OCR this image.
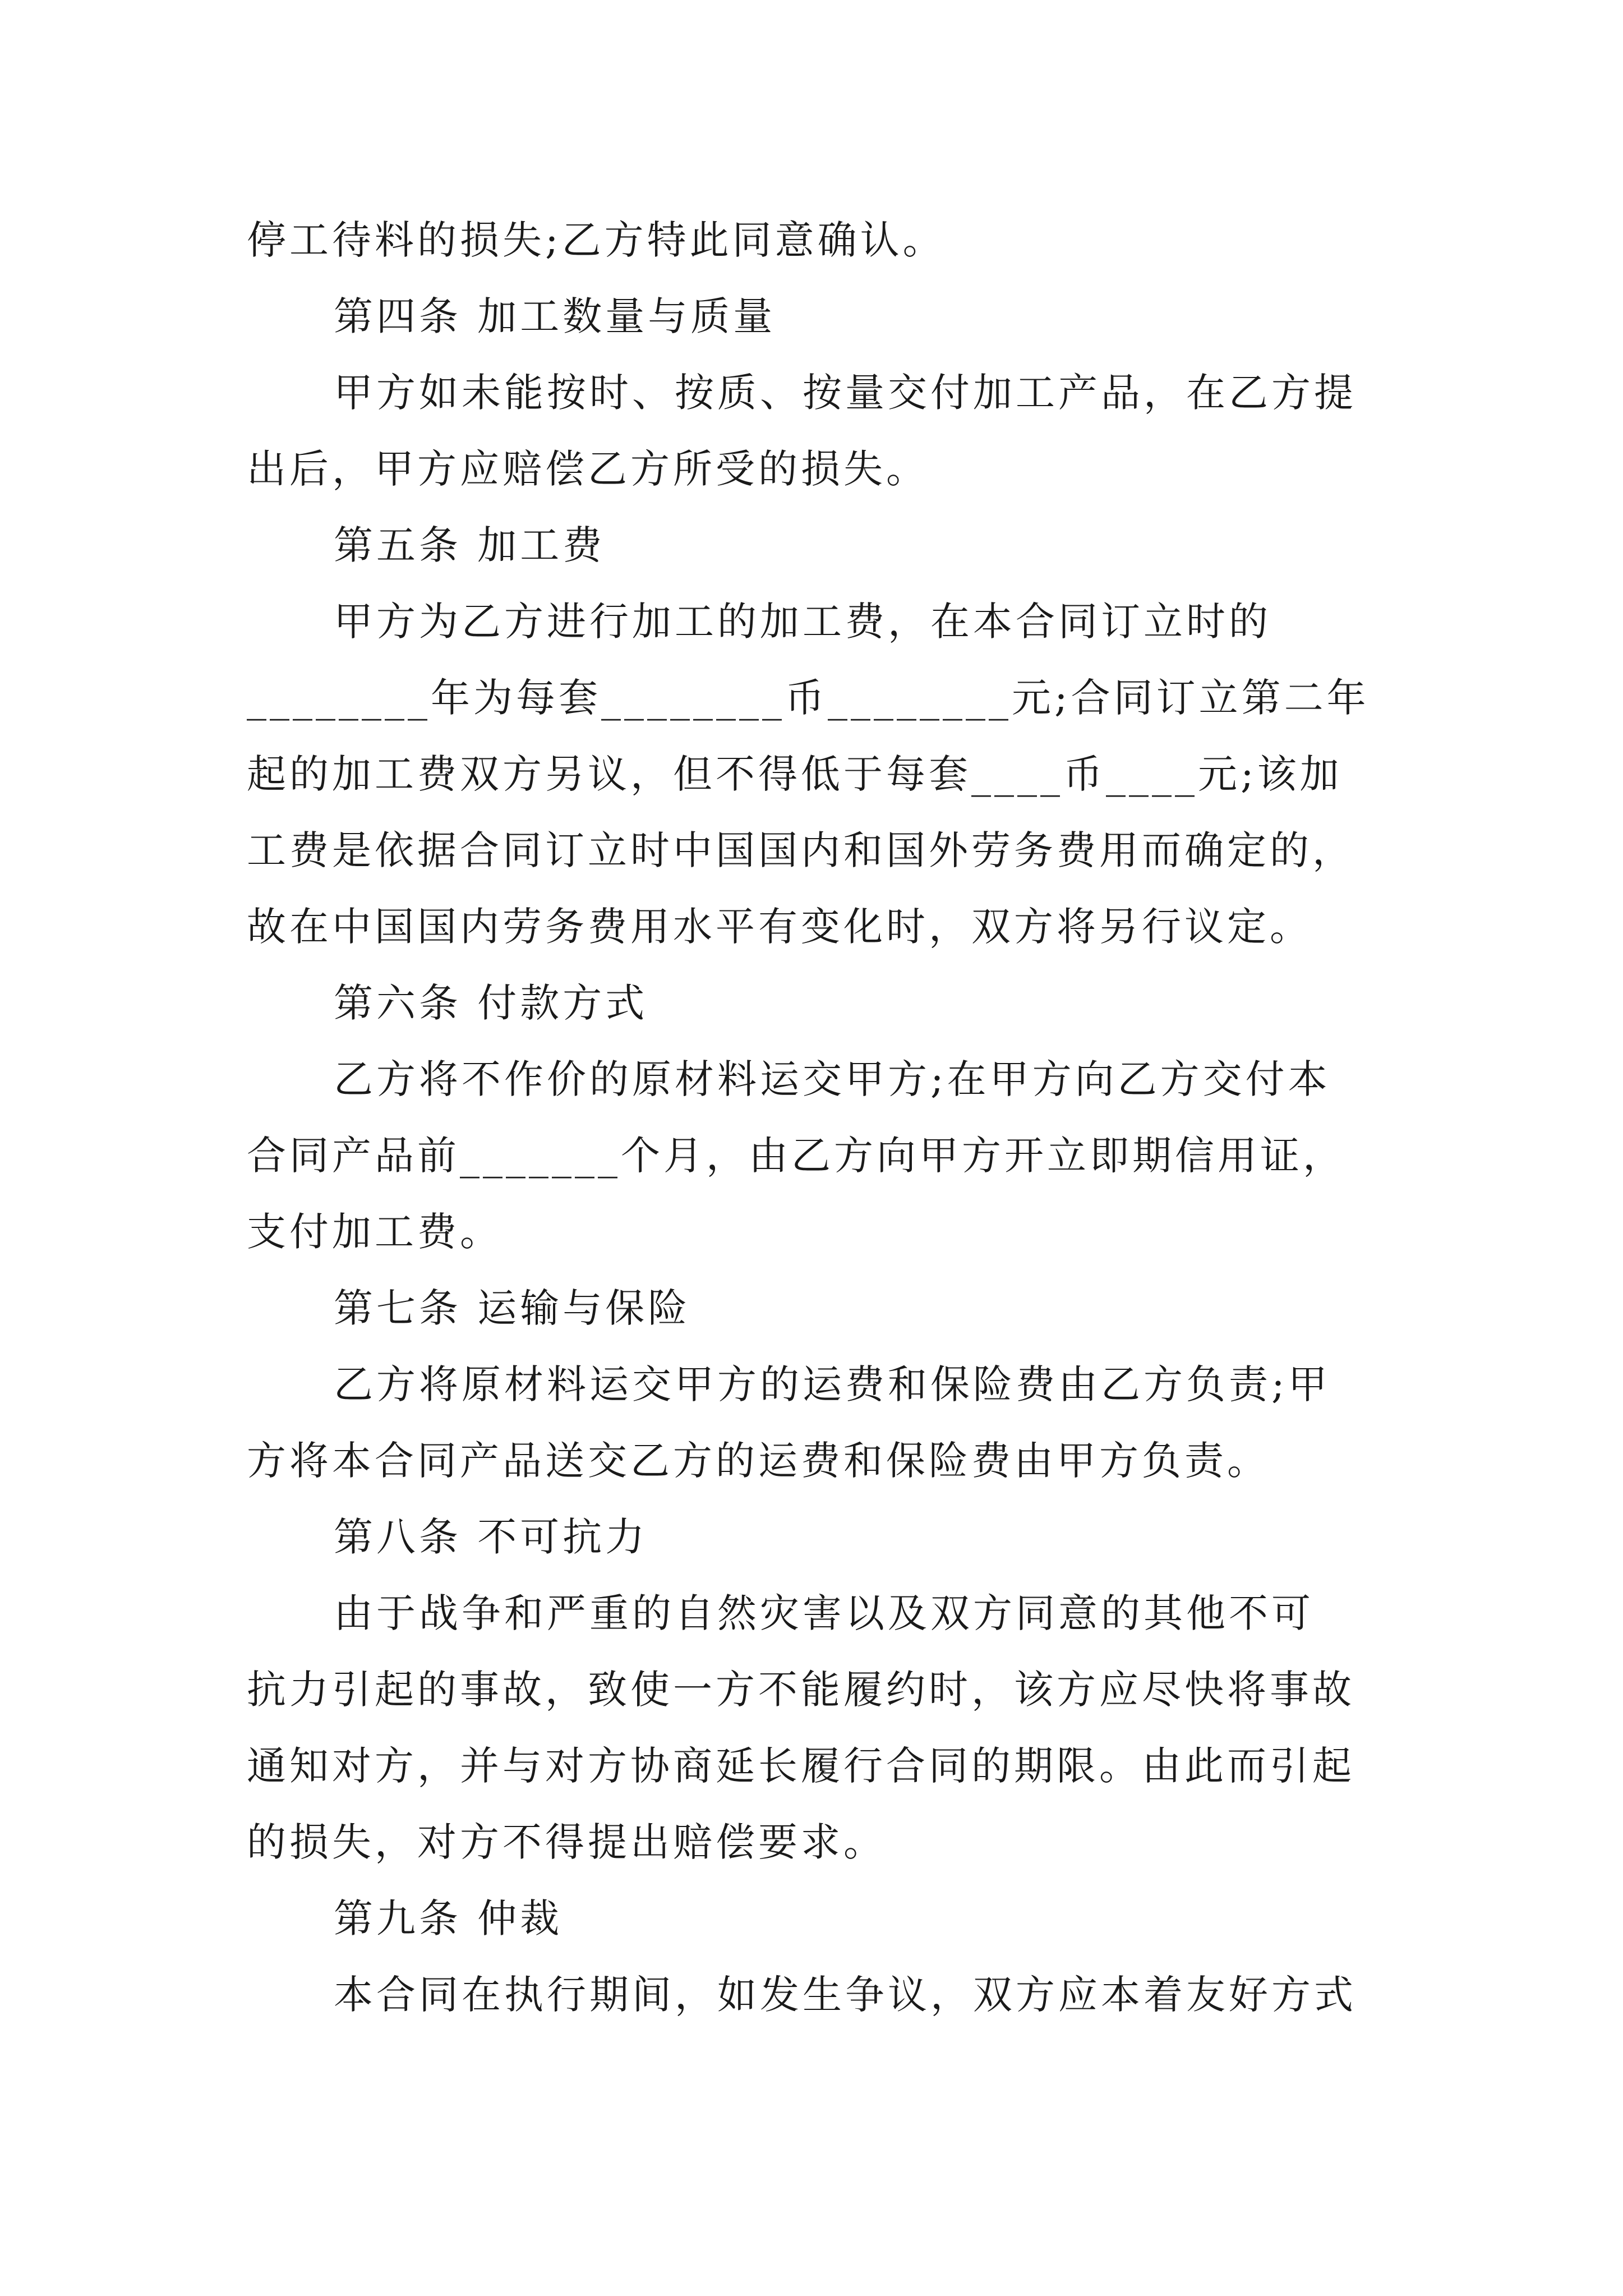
停工待料的损失;乙方特此同意确认。
第四条 加工数量与质量
甲方如未能按时、按质、按量交付加工产品，在乙方提
出后，甲方应赔偿乙方所受的损失。
第五条 加工费
甲方为乙方进行加工的加工费，在本合同订立时的
________年为每套________币________元;合同订立第二年
起的加工费双方另议，但不得低于每套____币____元;该加
工费是依据合同订立时中国国内和国外劳务费用而确定的，
故在中国国内劳务费用水平有变化时，双方将另行议定。
第六条 付款方式
乙方将不作价的原材料运交甲方;在甲方向乙方交付本
合同产品前_______个月，由乙方向甲方开立即期信用证，
支付加工费。
第七条 运输与保险
乙方将原材料运交甲方的运费和保险费由乙方负责;甲
方将本合同产品送交乙方的运费和保险费由甲方负责。
第八条 不可抗力
由于战争和严重的自然灾害以及双方同意的其他不可
抗力引起的事故，致使一方不能履约时，该方应尽快将事故
通知对方，并与对方协商延长履行合同的期限。由此而引起
的损失，对方不得提出赔偿要求。
第九条 仲裁
本合同在执行期间，如发生争议，双方应本着友好方式
